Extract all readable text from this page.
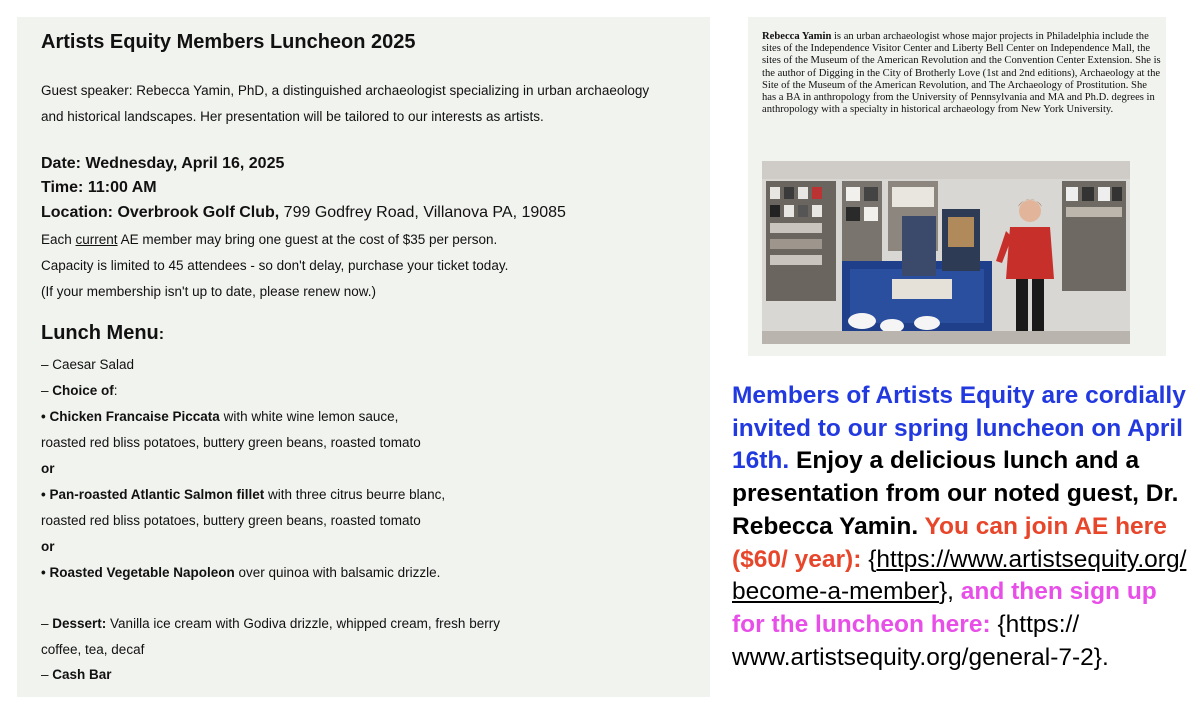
Artists Equity Members Luncheon 2025
Guest speaker: Rebecca Yamin, PhD, a distinguished archaeologist specializing in urban archaeology
and historical landscapes. Her presentation will be tailored to our interests as artists.
Date: Wednesday, April 16, 2025
Time: 11:00 AM
Location: Overbrook Golf Club, 799 Godfrey Road, Villanova PA, 19085
Each current AE member may bring one guest at the cost of $35 per person.
Capacity is limited to 45 attendees - so don't delay, purchase your ticket today.
(If your membership isn't up to date, please renew now.)
Lunch Menu:
– Caesar Salad
– Choice of:
• Chicken Francaise Piccata with white wine lemon sauce,
roasted red bliss potatoes, buttery green beans, roasted tomato
or
• Pan-roasted Atlantic Salmon fillet with three citrus beurre blanc,
roasted red bliss potatoes, buttery green beans, roasted tomato
or
• Roasted Vegetable Napoleon over quinoa with balsamic drizzle.
– Dessert: Vanilla ice cream with Godiva drizzle, whipped cream, fresh berry
coffee, tea, decaf
– Cash Bar
Rebecca Yamin is an urban archaeologist whose major projects in Philadelphia include the sites of the Independence Visitor Center and Liberty Bell Center on Independence Mall, the sites of the Museum of the American Revolution and the Convention Center Extension. She is the author of Digging in the City of Brotherly Love (1st and 2nd editions), Archaeology at the Site of the Museum of the American Revolution, and The Archaeology of Prostitution. She has a BA in anthropology from the University of Pennsylvania and MA and Ph.D. degrees in anthropology with a specialty in historical archaeology from New York University.
Members of Artists Equity are cordially invited to our spring luncheon on April 16th. Enjoy a delicious lunch and a presentation from our noted guest, Dr. Rebecca Yamin. You can join AE here ($60/ year): {https://www.artistsequity.org/ become-a-member}, and then sign up for the luncheon here: {https:// www.artistsequity.org/general-7-2}.
